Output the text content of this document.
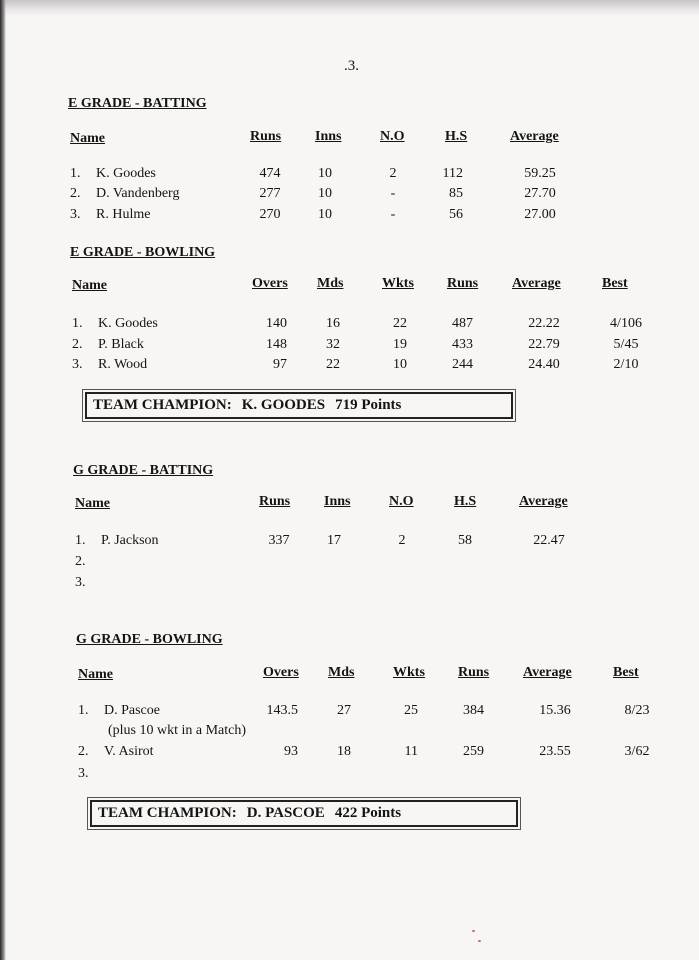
.3.
E GRADE - BATTING
Name	Runs Inns	N.O	H.S	Average
1. K. Goodes	474	10	2	112	59.25
2. D. Vandenberg	277	10	-	85	27.70
3. R. Hulme	270	10	-	56	27.00
E GRADE - BOWLING
Name	Overs Mds	Wkts Runs Average	Best
1. K. Goodes	140	16	22	487	22.22	4/106
2. P. Black	148	32	19	433	22.79	5/45
3. R. Wood	97	22	10	244	24.40	2/10
G GRADE - BATTING
Name	Runs Inns	N.O	H.S	Average
1. P. Jackson	337	17	2	58	22.47
2.
3.
G GRADE - BOWLING
Name	Overs Mds	Wkts Runs Average	Best
1. D. Pascoe	143.5	27	25	384	15.36	8/23
(plus 10 wkt in a Match)
2. V. Asirot	93	18	11	259	23.55	3/62
3.
TEAM CHAMPION: K. GOODES 719 Points
TEAM CHAMPION: D. PASCOE 422 Points
